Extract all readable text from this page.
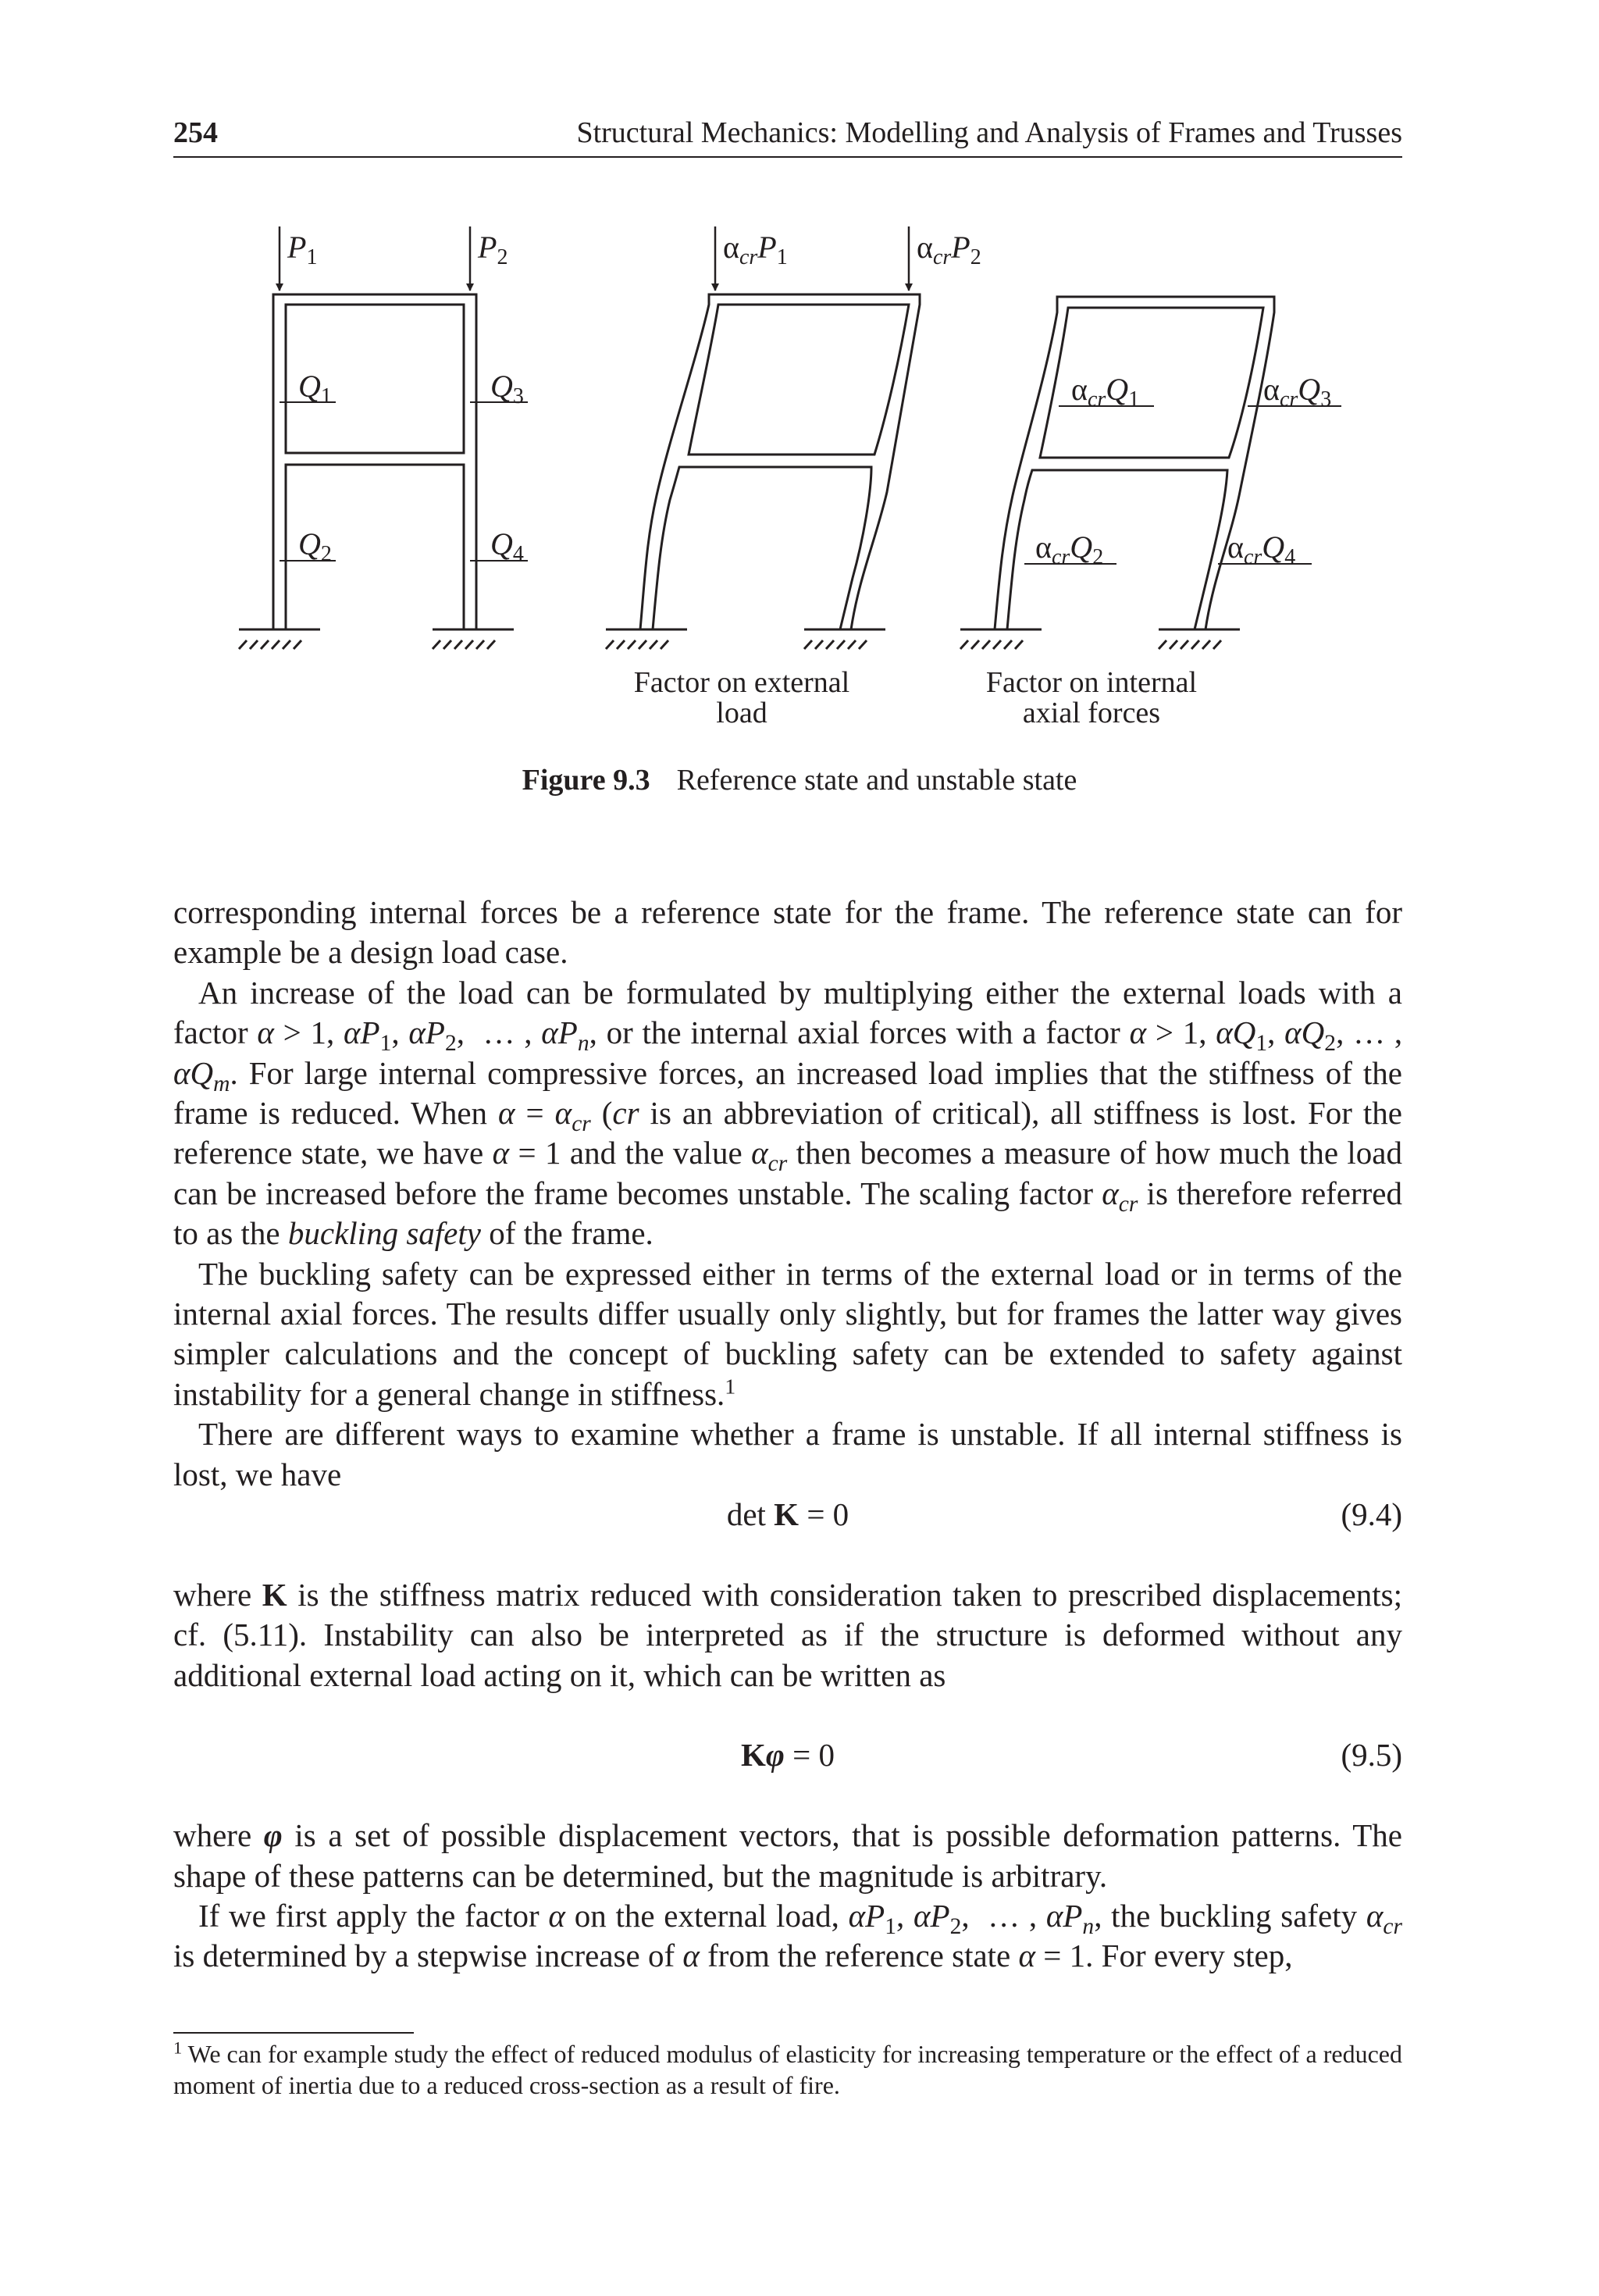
254	Structural Mechanics: Modelling and Analysis of Frames and Trusses
$P_1$	$P_2$
$Q_1$	$Q_3$
$Q_2$	$Q_4$
$\alpha_{cr}P_1$	$\alpha_{cr}P_2$
Factor on external
load
$\alpha_{cr}Q_1$	$\alpha_{cr}Q_3$
$\alpha_{cr}Q_2$	$\alpha_{cr}Q_4$
Factor on internal
axial forces
Figure 9.3 Reference state and unstable state

corresponding internal forces be a reference state for the frame. The reference state can for example be a design load case.

An increase of the load can be formulated by multiplying either the external loads with a factor α > 1, $\alpha P_1$, $\alpha P_2$,  … , $\alpha P_n$, or the internal axial forces with a factor α > 1, $\alpha Q_1$, $\alpha Q_2$, … , $\alpha Q_m$. For large internal compressive forces, an increased load implies that the stiffness of the frame is reduced. When $\alpha = \alpha_{cr}$ (cr is an abbreviation of critical), all stiffness is lost. For the reference state, we have α = 1 and the value $\alpha_{cr}$ then becomes a measure of how much the load can be increased before the frame becomes unstable. The scaling factor $\alpha_{cr}$ is therefore referred to as the buckling safety of the frame.

The buckling safety can be expressed either in terms of the external load or in terms of the internal axial forces. The results differ usually only slightly, but for frames the latter way gives simpler calculations and the concept of buckling safety can be extended to safety against instability for a general change in stiffness.$^1$

There are different ways to examine whether a frame is unstable. If all internal stiffness is lost, we have

det K = 0	(9.4)

where K is the stiffness matrix reduced with consideration taken to prescribed displacements; cf. (5.11). Instability can also be interpreted as if the structure is deformed without any additional external load acting on it, which can be written as

Kφ = 0	(9.5)

where φ is a set of possible displacement vectors, that is possible deformation patterns. The shape of these patterns can be determined, but the magnitude is arbitrary.

If we first apply the factor α on the external load, $\alpha P_1$, $\alpha P_2$,  … , $\alpha P_n$, the buckling safety $\alpha_{cr}$ is determined by a stepwise increase of α from the reference state α = 1. For every step,

$^1$ We can for example study the effect of reduced modulus of elasticity for increasing temperature or the effect of a reduced moment of inertia due to a reduced cross-section as a result of fire.
